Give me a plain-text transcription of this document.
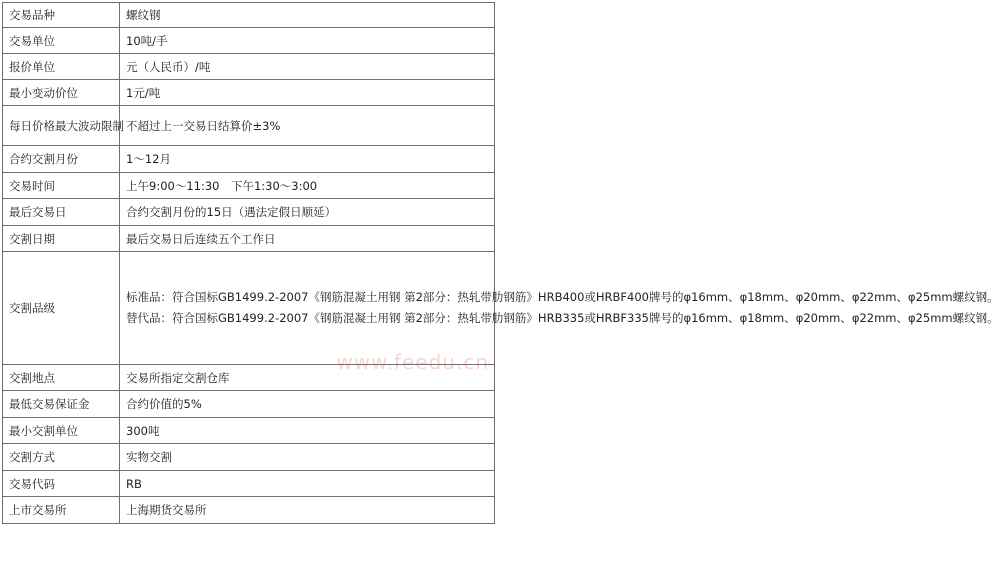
交易品种	螺纹钢
交易单位	10吨/手
报价单位	元（人民币）/吨
最小变动价位	1元/吨
每日价格最大波动限制	不超过上一交易日结算价±3%
合约交割月份	1～12月
交易时间	上午9:00～11:30　下午1:30～3:00
最后交易日	合约交割月份的15日（遇法定假日顺延）
交割日期	最后交易日后连续五个工作日
交割品级	标准品：符合国标GB1499.2-2007《钢筋混凝土用钢 第2部分：热轧带肋钢筋》HRB400或HRBF400牌号的φ16mm、φ18mm、φ20mm、φ22mm、φ25mm螺纹钢。
替代品：符合国标GB1499.2-2007《钢筋混凝土用钢 第2部分：热轧带肋钢筋》HRB335或HRBF335牌号的φ16mm、φ18mm、φ20mm、φ22mm、φ25mm螺纹钢。

交割地点	交易所指定交割仓库
最低交易保证金	合约价值的5%
最小交割单位	300吨
交割方式	实物交割
交易代码	RB
上市交易所	上海期货交易所
www.feedu.cn
